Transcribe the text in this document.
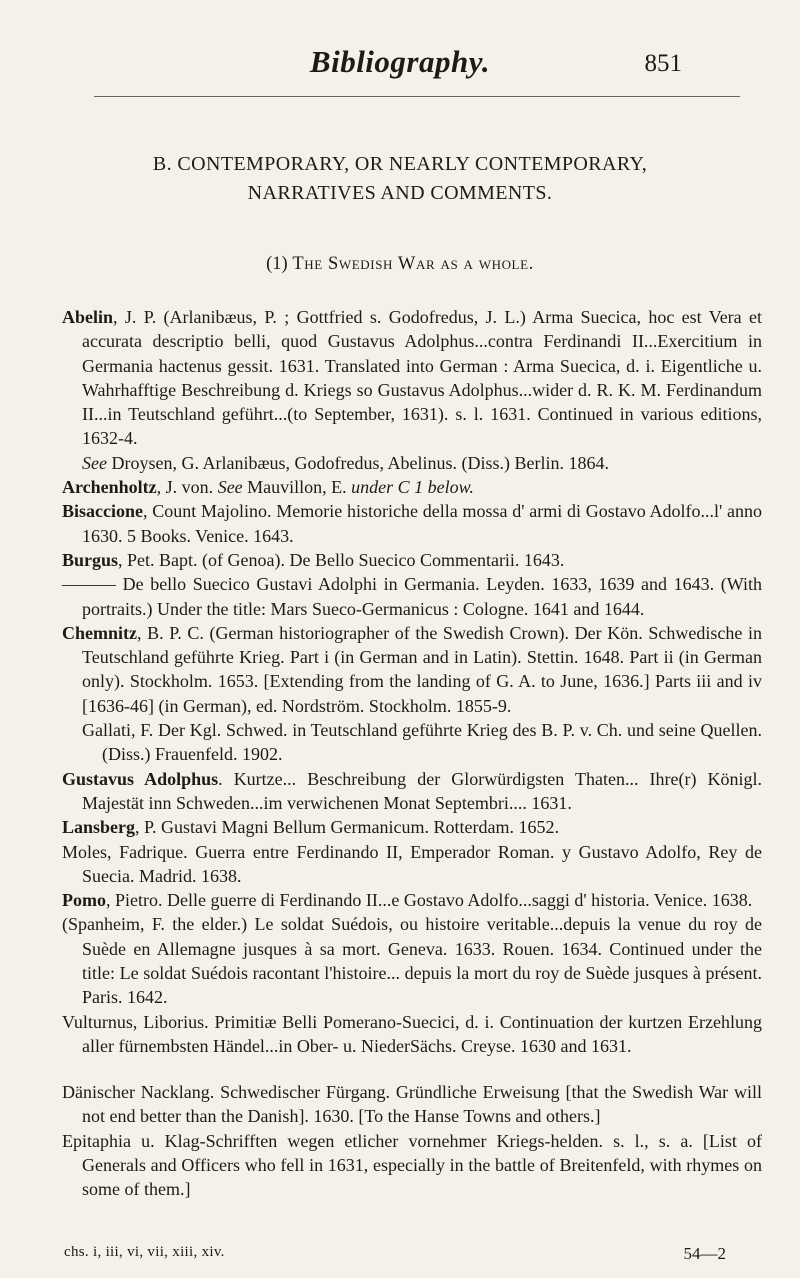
Bibliography.	851
B. CONTEMPORARY, OR NEARLY CONTEMPORARY,
NARRATIVES AND COMMENTS.
(1) The Swedish War as a whole.

Abelin, J. P. (Arlanibæus, P. ; Gottfried s. Godofredus, J. L.) Arma Suecica, hoc est Vera et accurata descriptio belli, quod Gustavus Adolphus...contra Ferdinandi II...Exercitium in Germania hactenus gessit. 1631. Translated into German : Arma Suecica, d. i. Eigentliche u. Wahrhafftige Beschreibung d. Kriegs so Gustavus Adolphus...wider d. R. K. M. Ferdinandum II...in Teutschland geführt...(to September, 1631). s. l. 1631. Continued in various editions, 1632-4.
See Droysen, G. Arlanibæus, Godofredus, Abelinus. (Diss.) Berlin. 1864.

Archenholtz, J. von. See Mauvillon, E. under C 1 below.

Bisaccione, Count Majolino. Memorie historiche della mossa d' armi di Gostavo Adolfo...l' anno 1630. 5 Books. Venice. 1643.

Burgus, Pet. Bapt. (of Genoa). De Bello Suecico Commentarii. 1643.

——— De bello Suecico Gustavi Adolphi in Germania. Leyden. 1633, 1639 and 1643. (With portraits.) Under the title: Mars Sueco-Germanicus : Cologne. 1641 and 1644.

Chemnitz, B. P. C. (German historiographer of the Swedish Crown). Der Kön. Schwedische in Teutschland geführte Krieg. Part i (in German and in Latin). Stettin. 1648. Part ii (in German only). Stockholm. 1653. [Extending from the landing of G. A. to June, 1636.] Parts iii and iv [1636-46] (in German), ed. Nordström. Stockholm. 1855-9.

Gallati, F. Der Kgl. Schwed. in Teutschland geführte Krieg des B. P. v. Ch. und seine Quellen. (Diss.) Frauenfeld. 1902.

Gustavus Adolphus. Kurtze... Beschreibung der Glorwürdigsten Thaten... Ihre(r) Königl. Majestät inn Schweden...im verwichenen Monat Septembri.... 1631.

Lansberg, P. Gustavi Magni Bellum Germanicum. Rotterdam. 1652.

Moles, Fadrique. Guerra entre Ferdinando II, Emperador Roman. y Gustavo Adolfo, Rey de Suecia. Madrid. 1638.

Pomo, Pietro. Delle guerre di Ferdinando II...e Gostavo Adolfo...saggi d' historia. Venice. 1638.

(Spanheim, F. the elder.) Le soldat Suédois, ou histoire veritable...depuis la venue du roy de Suède en Allemagne jusques à sa mort. Geneva. 1633. Rouen. 1634. Continued under the title: Le soldat Suédois racontant l'histoire... depuis la mort du roy de Suède jusques à présent. Paris. 1642.

Vulturnus, Liborius. Primitiæ Belli Pomerano-Suecici, d. i. Continuation der kurtzen Erzehlung aller fürnembsten Händel...in Ober- u. NiederSächs. Creyse. 1630 and 1631.

Dänischer Nacklang. Schwedischer Fürgang. Gründliche Erweisung [that the Swedish War will not end better than the Danish]. 1630. [To the Hanse Towns and others.]

Epitaphia u. Klag-Schrifften wegen etlicher vornehmer Kriegs-helden. s. l., s. a. [List of Generals and Officers who fell in 1631, especially in the battle of Breitenfeld, with rhymes on some of them.]

chs. i, iii, vi, vii, xiii, xiv.	54—2
